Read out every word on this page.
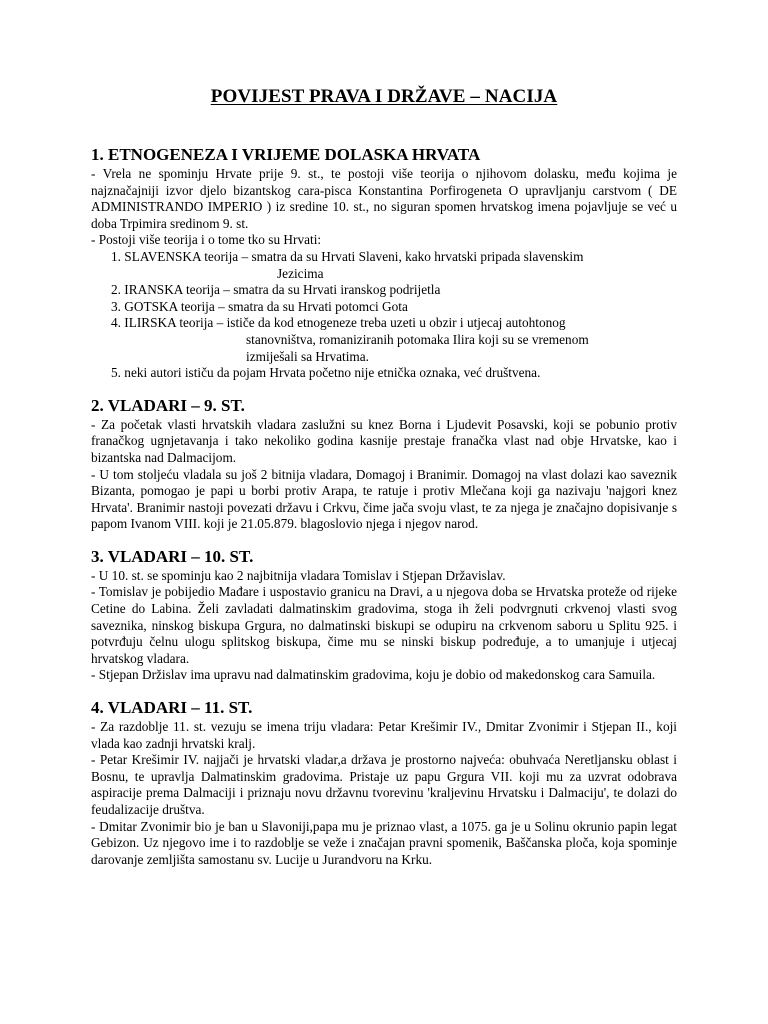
POVIJEST PRAVA I DRŽAVE – NACIJA
1. ETNOGENEZA I VRIJEME DOLASKA HRVATA

- Vrela ne spominju Hrvate prije 9. st., te postoji više teorija o njihovom dolasku, među kojima je najznačajniji izvor djelo bizantskog cara-pisca Konstantina Porfirogeneta O upravljanju carstvom ( DE ADMINISTRANDO IMPERIO ) iz sredine 10. st., no siguran spomen hrvatskog imena pojavljuje se već u doba Trpimira sredinom 9. st.

- Postoji više teorija i o tome tko su Hrvati:

1. SLAVENSKA teorija – smatra da su Hrvati Slaveni, kako hrvatski pripada slavenskim
Jezicima
2. IRANSKA teorija – smatra da su Hrvati iranskog podrijetla
3. GOTSKA teorija – smatra da su Hrvati potomci Gota
4. ILIRSKA teorija – ističe da kod etnogeneze treba uzeti u obzir i utjecaj autohtonog
stanovništva, romaniziranih potomaka Ilira koji su se vremenom
izmiješali sa Hrvatima.
5. neki autori ističu da pojam Hrvata početno nije etnička oznaka, već društvena.
2. VLADARI – 9. ST.

- Za početak vlasti hrvatskih vladara zaslužni su knez Borna i Ljudevit Posavski, koji se pobunio protiv franačkog ugnjetavanja i tako nekoliko godina kasnije prestaje franačka vlast nad obje Hrvatske, kao i bizantska nad Dalmacijom.

- U tom stoljeću vladala su još 2 bitnija vladara, Domagoj i Branimir. Domagoj na vlast dolazi kao saveznik Bizanta, pomogao je papi u borbi protiv Arapa, te ratuje i protiv Mlečana koji ga nazivaju 'najgori knez Hrvata'. Branimir nastoji povezati državu i Crkvu, čime jača svoju vlast, te za njega je značajno dopisivanje s papom Ivanom VIII. koji je 21.05.879. blagoslovio njega i njegov narod.

3. VLADARI – 10. ST.

- U 10. st. se spominju kao 2 najbitnija vladara Tomislav i Stjepan Državislav.

- Tomislav je pobijedio Mađare i uspostavio granicu na Dravi, a u njegova doba se Hrvatska proteže od rijeke Cetine do Labina. Želi zavladati dalmatinskim gradovima, stoga ih želi podvrgnuti crkvenoj vlasti svog saveznika, ninskog biskupa Grgura, no dalmatinski biskupi se odupiru na crkvenom saboru u Splitu 925. i potvrđuju čelnu ulogu splitskog biskupa, čime mu se ninski biskup podređuje, a to umanjuje i utjecaj hrvatskog vladara.

- Stjepan Držislav ima upravu nad dalmatinskim gradovima, koju je dobio od makedonskog cara Samuila.

4. VLADARI – 11. ST.

- Za razdoblje 11. st. vezuju se imena triju vladara: Petar Krešimir IV., Dmitar Zvonimir i Stjepan II., koji vlada kao zadnji hrvatski kralj.

- Petar Krešimir IV. najjači je hrvatski vladar,a država je prostorno najveća: obuhvaća Neretljansku oblast i Bosnu, te upravlja Dalmatinskim gradovima. Pristaje uz papu Grgura VII. koji mu za uzvrat odobrava aspiracije prema Dalmaciji i priznaju novu državnu tvorevinu 'kraljevinu Hrvatsku i Dalmaciju', te dolazi do feudalizacije društva.

- Dmitar Zvonimir bio je ban u Slavoniji,papa mu je priznao vlast, a 1075. ga je u Solinu okrunio papin legat Gebizon. Uz njegovo ime i to razdoblje se veže i značajan pravni spomenik, Baščanska ploča, koja spominje darovanje zemljišta samostanu sv. Lucije u Jurandvoru na Krku.
